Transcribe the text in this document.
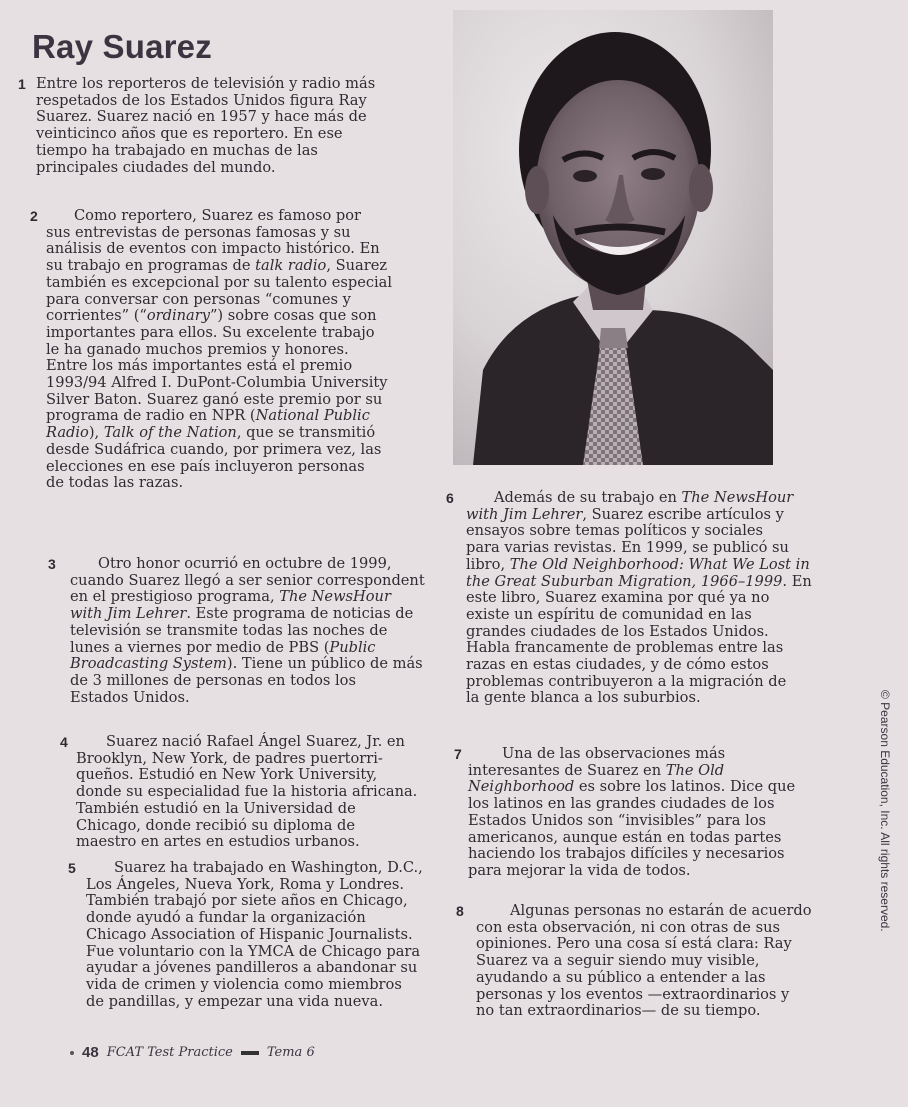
Ray Suarez
1 Entre los reporteros de televisión y radio más
respetados de los Estados Unidos figura Ray
Suarez. Suarez nació en 1957 y hace más de
veinticinco años que es reportero. En ese
tiempo ha trabajado en muchas de las
principales ciudades del mundo.
2	Como reportero, Suarez es famoso por
sus entrevistas de personas famosas y su
análisis de eventos con impacto histórico. En
su trabajo en programas de talk radio, Suarez
también es excepcional por su talento especial
para conversar con personas “comunes y
corrientes” (“ordinary”) sobre cosas que son
importantes para ellos. Su excelente trabajo
le ha ganado muchos premios y honores.
Entre los más importantes está el premio
1993/94 Alfred I. DuPont-Columbia University
Silver Baton. Suarez ganó este premio por su
programa de radio en NPR (National Public
Radio), Talk of the Nation, que se transmitió
desde Sudáfrica cuando, por primera vez, las
elecciones en ese país incluyeron personas
de todas las razas.
3	Otro honor ocurrió en octubre de 1999,
cuando Suarez llegó a ser senior correspondent
en el prestigioso programa, The NewsHour
with Jim Lehrer. Este programa de noticias de
televisión se transmite todas las noches de
lunes a viernes por medio de PBS (Public
Broadcasting System). Tiene un público de más
de 3 millones de personas en todos los
Estados Unidos.
4	Suarez nació Rafael Ángel Suarez, Jr. en
Brooklyn, New York, de padres puertorri-
queños. Estudió en New York University,
donde su especialidad fue la historia africana.
También estudió en la Universidad de
Chicago, donde recibió su diploma de
maestro en artes en estudios urbanos.
5	Suarez ha trabajado en Washington, D.C.,
Los Ángeles, Nueva York, Roma y Londres.
También trabajó por siete años en Chicago,
donde ayudó a fundar la organización
Chicago Association of Hispanic Journalists.
Fue voluntario con la YMCA de Chicago para
ayudar a jóvenes pandilleros a abandonar su
vida de crimen y violencia como miembros
de pandillas, y empezar una vida nueva.
6	Además de su trabajo en The NewsHour
with Jim Lehrer, Suarez escribe artículos y
ensayos sobre temas políticos y sociales
para varias revistas. En 1999, se publicó su
libro, The Old Neighborhood: What We Lost in
the Great Suburban Migration, 1966–1999. En
este libro, Suarez examina por qué ya no
existe un espíritu de comunidad en las
grandes ciudades de los Estados Unidos.
Habla francamente de problemas entre las
razas en estas ciudades, y de cómo estos
problemas contribuyeron a la migración de
la gente blanca a los suburbios.
7	Una de las observaciones más
interesantes de Suarez en The Old
Neighborhood es sobre los latinos. Dice que
los latinos en las grandes ciudades de los
Estados Unidos son “invisibles” para los
americanos, aunque están en todas partes
haciendo los trabajos difíciles y necesarios
para mejorar la vida de todos.
8	Algunas personas no estarán de acuerdo
con esta observación, ni con otras de sus
opiniones. Pero una cosa sí está clara: Ray
Suarez va a seguir siendo muy visible,
ayudando a su público a entender a las
personas y los eventos —extraordinarios y
no tan extraordinarios— de su tiempo.
48 FCAT Test Practice	Tema 6
© Pearson Education, Inc. All rights reserved.
